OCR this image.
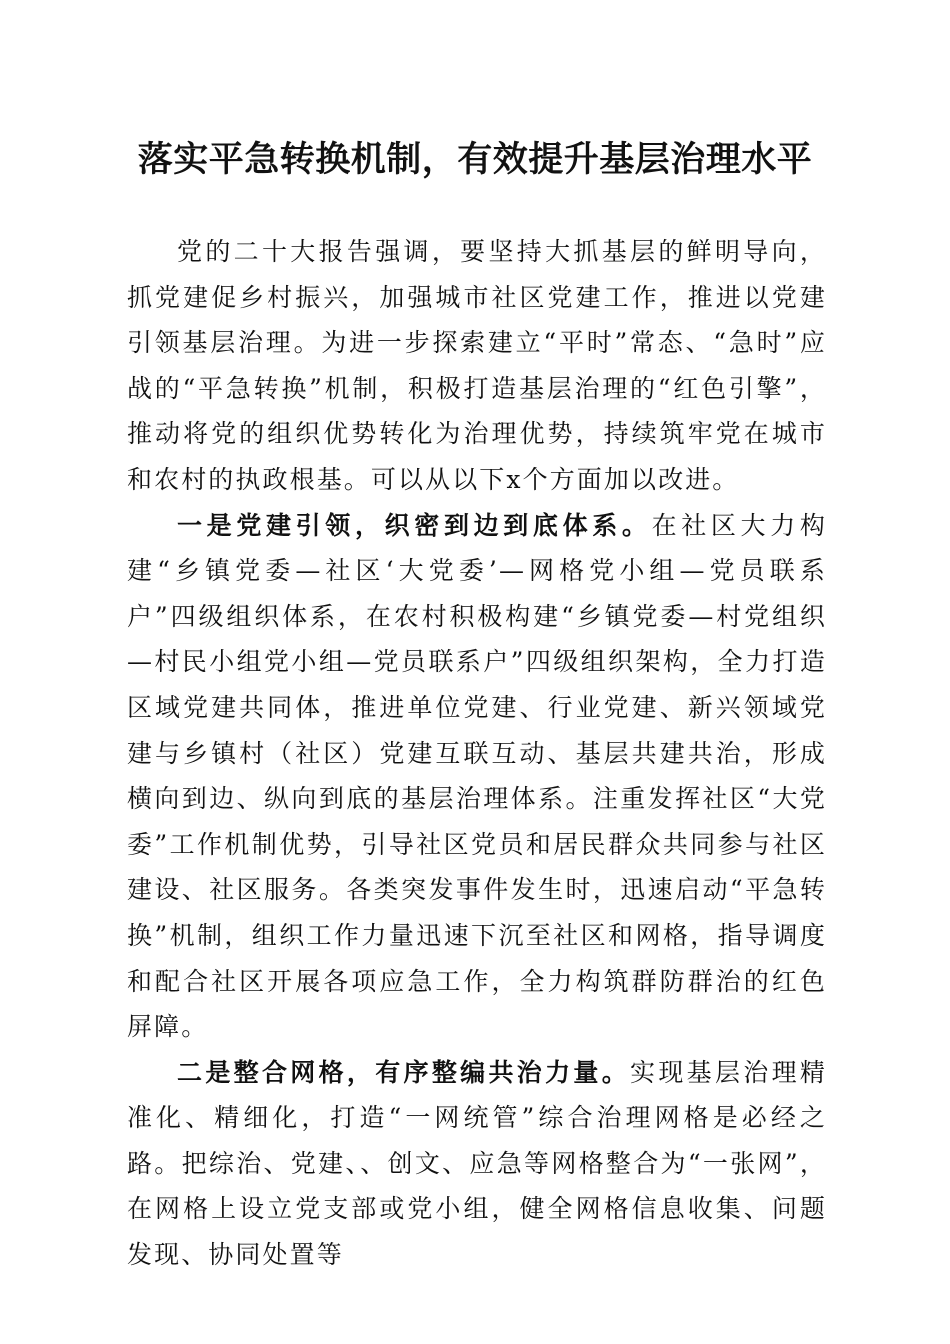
落实平急转换机制，有效提升基层治理水平

党的二十大报告强调，要坚持大抓基层的鲜明导向，抓党建促乡村振兴，加强城市社区党建工作，推进以党建引领基层治理。为进一步探索建立“平时”常态、“急时”应战的“平急转换”机制，积极打造基层治理的“红色引擎”，推动将党的组织优势转化为治理优势，持续筑牢党在城市和农村的执政根基。可以从以下x个方面加以改进。

一是党建引领，织密到边到底体系。在社区大力构建“乡镇党委—社区‘大党委’—网格党小组—党员联系户”四级组织体系，在农村积极构建“乡镇党委—村党组织—村民小组党小组—党员联系户”四级组织架构，全力打造区域党建共同体，推进单位党建、行业党建、新兴领域党建与乡镇村（社区）党建互联互动、基层共建共治，形成横向到边、纵向到底的基层治理体系。注重发挥社区“大党委”工作机制优势，引导社区党员和居民群众共同参与社区建设、社区服务。各类突发事件发生时，迅速启动“平急转换”机制，组织工作力量迅速下沉至社区和网格，指导调度和配合社区开展各项应急工作，全力构筑群防群治的红色屏障。

二是整合网格，有序整编共治力量。实现基层治理精准化、精细化，打造“一网统管”综合治理网格是必经之路。把综治、党建、、创文、应急等网格整合为“一张网”，在网格上设立党支部或党小组，健全网格信息收集、问题发现、协同处置等
